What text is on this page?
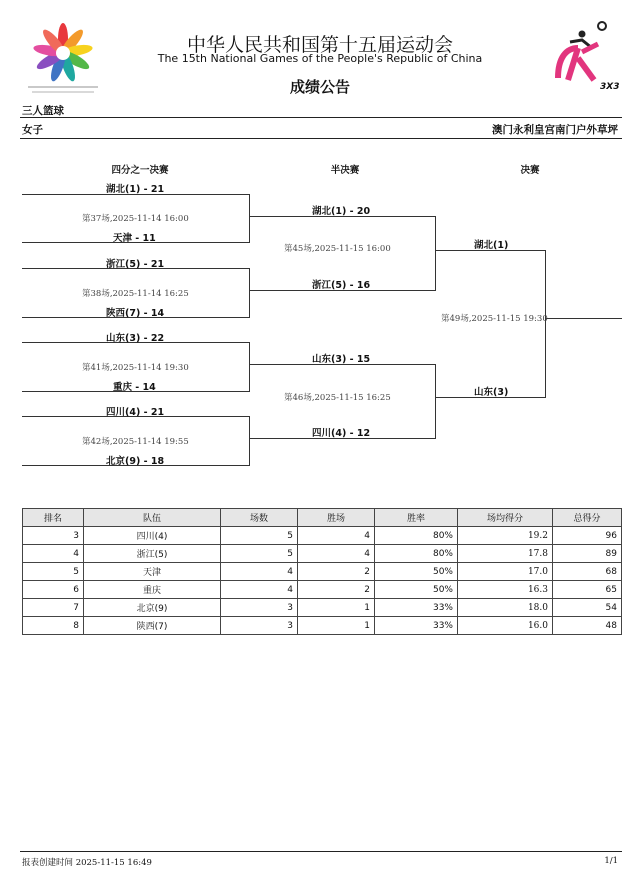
3X3
中华人民共和国第十五届运动会
The 15th National Games of the People's Republic of China
成绩公告
三人篮球
女子	澳门永利皇宫南门户外草坪
四分之一决赛	半决赛	决赛
湖北(1) - 21
第37场,2025-11-14 16:00
天津 - 11
浙江(5) - 21
第38场,2025-11-14 16:25
陕西(7) - 14
山东(3) - 22
第41场,2025-11-14 19:30
重庆 - 14
四川(4) - 21
第42场,2025-11-14 19:55
北京(9) - 18
湖北(1) - 20
第45场,2025-11-15 16:00
浙江(5) - 16
山东(3) - 15
第46场,2025-11-15 16:25
四川(4) - 12
湖北(1)
第49场,2025-11-15 19:30
山东(3)
排名	队伍	场数	胜场	胜率	场均得分	总得分
3	四川(4)	5	4	80%	19.2	96
4	浙江(5)	5	4	80%	17.8	89
5	天津	4	2	50%	17.0	68
6	重庆	4	2	50%	16.3	65
7	北京(9)	3	1	33%	18.0	54
8	陕西(7)	3	1	33%	16.0	48
报表创建时间 2025-11-15 16:49	1/1
